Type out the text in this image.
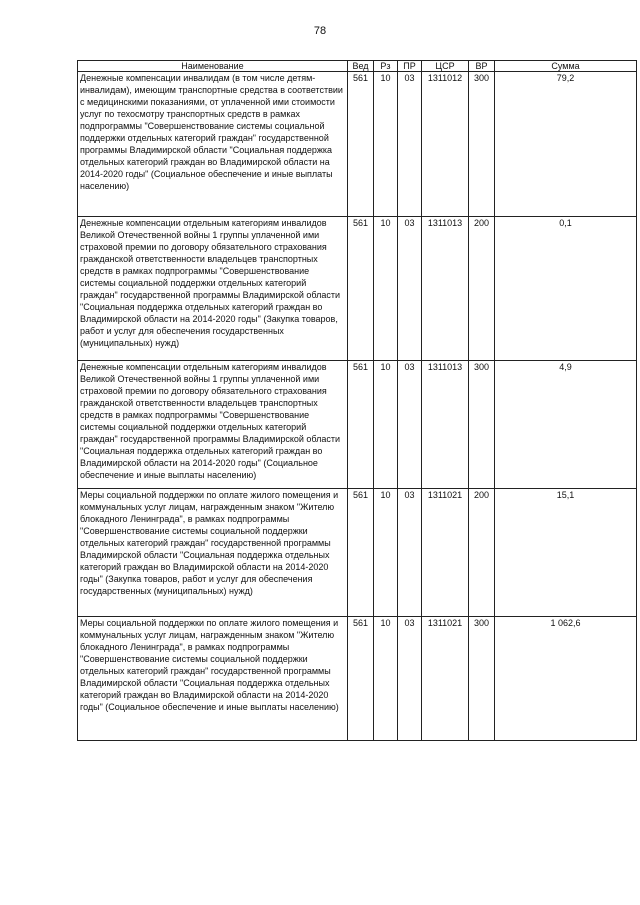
78
Наименование	Вед	Рз	ПР	ЦСР	ВР	Сумма
Денежные компенсации инвалидам (в том числе детям-инвалидам), имеющим транспортные средства в соответствии с медицинскими показаниями, от уплаченной ими стоимости услуг по техосмотру транспортных средств в рамках подпрограммы "Совершенствование системы социальной поддержки отдельных категорий граждан" государственной программы Владимирской области "Социальная поддержка отдельных категорий граждан во Владимирской области на 2014-2020 годы" (Социальное обеспечение и иные выплаты населению)	561	10	03	1311012	300	79,2
Денежные компенсации отдельным категориям инвалидов Великой Отечественной войны 1 группы уплаченной ими страховой премии по договору обязательного страхования гражданской ответственности владельцев транспортных средств в рамках подпрограммы "Совершенствование системы социальной поддержки отдельных категорий граждан" государственной программы Владимирской области "Социальная поддержка отдельных категорий граждан во Владимирской области на 2014-2020 годы" (Закупка товаров, работ и услуг для обеспечения государственных (муниципальных) нужд)	561	10	03	1311013	200	0,1
Денежные компенсации отдельным категориям инвалидов Великой Отечественной войны 1 группы уплаченной ими страховой премии по договору обязательного страхования гражданской ответственности владельцев транспортных средств в рамках подпрограммы "Совершенствование системы социальной поддержки отдельных категорий граждан" государственной программы Владимирской области "Социальная поддержка отдельных категорий граждан во Владимирской области на 2014-2020 годы" (Социальное обеспечение и иные выплаты населению)	561	10	03	1311013	300	4,9
Меры социальной поддержки по оплате жилого помещения и коммунальных услуг лицам, награжденным знаком "Жителю блокадного Ленинграда", в рамках подпрограммы "Совершенствование системы социальной поддержки отдельных категорий граждан" государственной программы Владимирской области "Социальная поддержка отдельных категорий граждан во Владимирской области на 2014-2020 годы" (Закупка товаров, работ и услуг для обеспечения государственных (муниципальных) нужд)	561	10	03	1311021	200	15,1
Меры социальной поддержки по оплате жилого помещения и коммунальных услуг лицам, награжденным знаком "Жителю блокадного Ленинграда", в рамках подпрограммы "Совершенствование системы социальной поддержки отдельных категорий граждан" государственной программы Владимирской области "Социальная поддержка отдельных категорий граждан во Владимирской области на 2014-2020 годы" (Социальное обеспечение и иные выплаты населению)	561	10	03	1311021	300	1 062,6
